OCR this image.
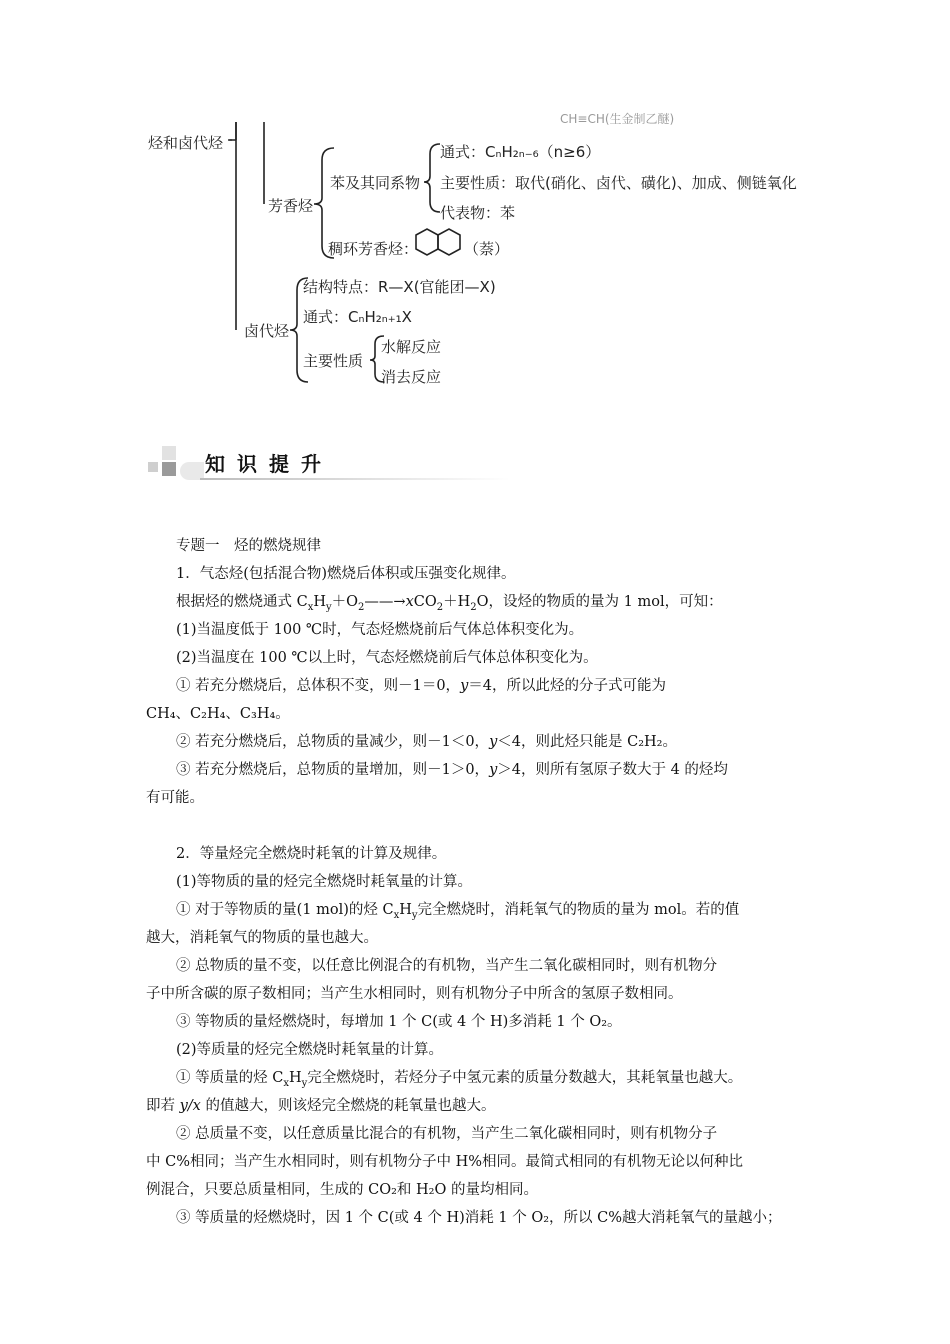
CH≡CH(生金制乙醚)
烃和卤代烃
芳香烃
苯及其同系物
通式：CₙH₂ₙ₋₆（n≥6）
主要性质：取代(硝化、卤代、磺化)、加成、侧链氧化
代表物：苯
稠环芳香烃：	（萘）
卤代烃
结构特点：R—X(官能团—X)
通式：CₙH₂ₙ₊₁X
主要性质
水解反应
消去反应
知识提升

专题一　烃的燃烧规律

1．气态烃(包括混合物)燃烧后体积或压强变化规律。

根据烃的燃烧通式 $C_xH_y+O_2——\to xCO_2+H_2O$，设烃的物质的量为 1 mol，可知：

(1)当温度低于 100 ℃时，气态烃燃烧前后气体总体积变化为。

(2)当温度在 100 ℃以上时，气态烃燃烧前后气体总体积变化为。

① 若充分燃烧后，总体积不变，则－1＝0，y＝4，所以此烃的分子式可能为

CH₄、C₂H₄、C₃H₄。

② 若充分燃烧后，总物质的量减少，则－1＜0，y＜4，则此烃只能是 C₂H₂。

③ 若充分燃烧后，总物质的量增加，则－1＞0，y＞4，则所有氢原子数大于 4 的烃均

有可能。

2．等量烃完全燃烧时耗氧的计算及规律。

(1)等物质的量的烃完全燃烧时耗氧量的计算。

① 对于等物质的量(1 mol)的烃 $C_xH_y$完全燃烧时，消耗氧气的物质的量为 mol。若的值

越大，消耗氧气的物质的量也越大。

② 总物质的量不变，以任意比例混合的有机物，当产生二氧化碳相同时，则有机物分

子中所含碳的原子数相同；当产生水相同时，则有机物分子中所含的氢原子数相同。

③ 等物质的量烃燃烧时，每增加 1 个 C(或 4 个 H)多消耗 1 个 O₂。

(2)等质量的烃完全燃烧时耗氧量的计算。

① 等质量的烃 $C_xH_y$完全燃烧时，若烃分子中氢元素的质量分数越大，其耗氧量也越大。

即若 y/x 的值越大，则该烃完全燃烧的耗氧量也越大。

② 总质量不变，以任意质量比混合的有机物，当产生二氧化碳相同时，则有机物分子

中 C%相同；当产生水相同时，则有机物分子中 H%相同。最简式相同的有机物无论以何种比

例混合，只要总质量相同，生成的 CO₂和 H₂O 的量均相同。

③ 等质量的烃燃烧时，因 1 个 C(或 4 个 H)消耗 1 个 O₂，所以 C%越大消耗氧气的量越小；
